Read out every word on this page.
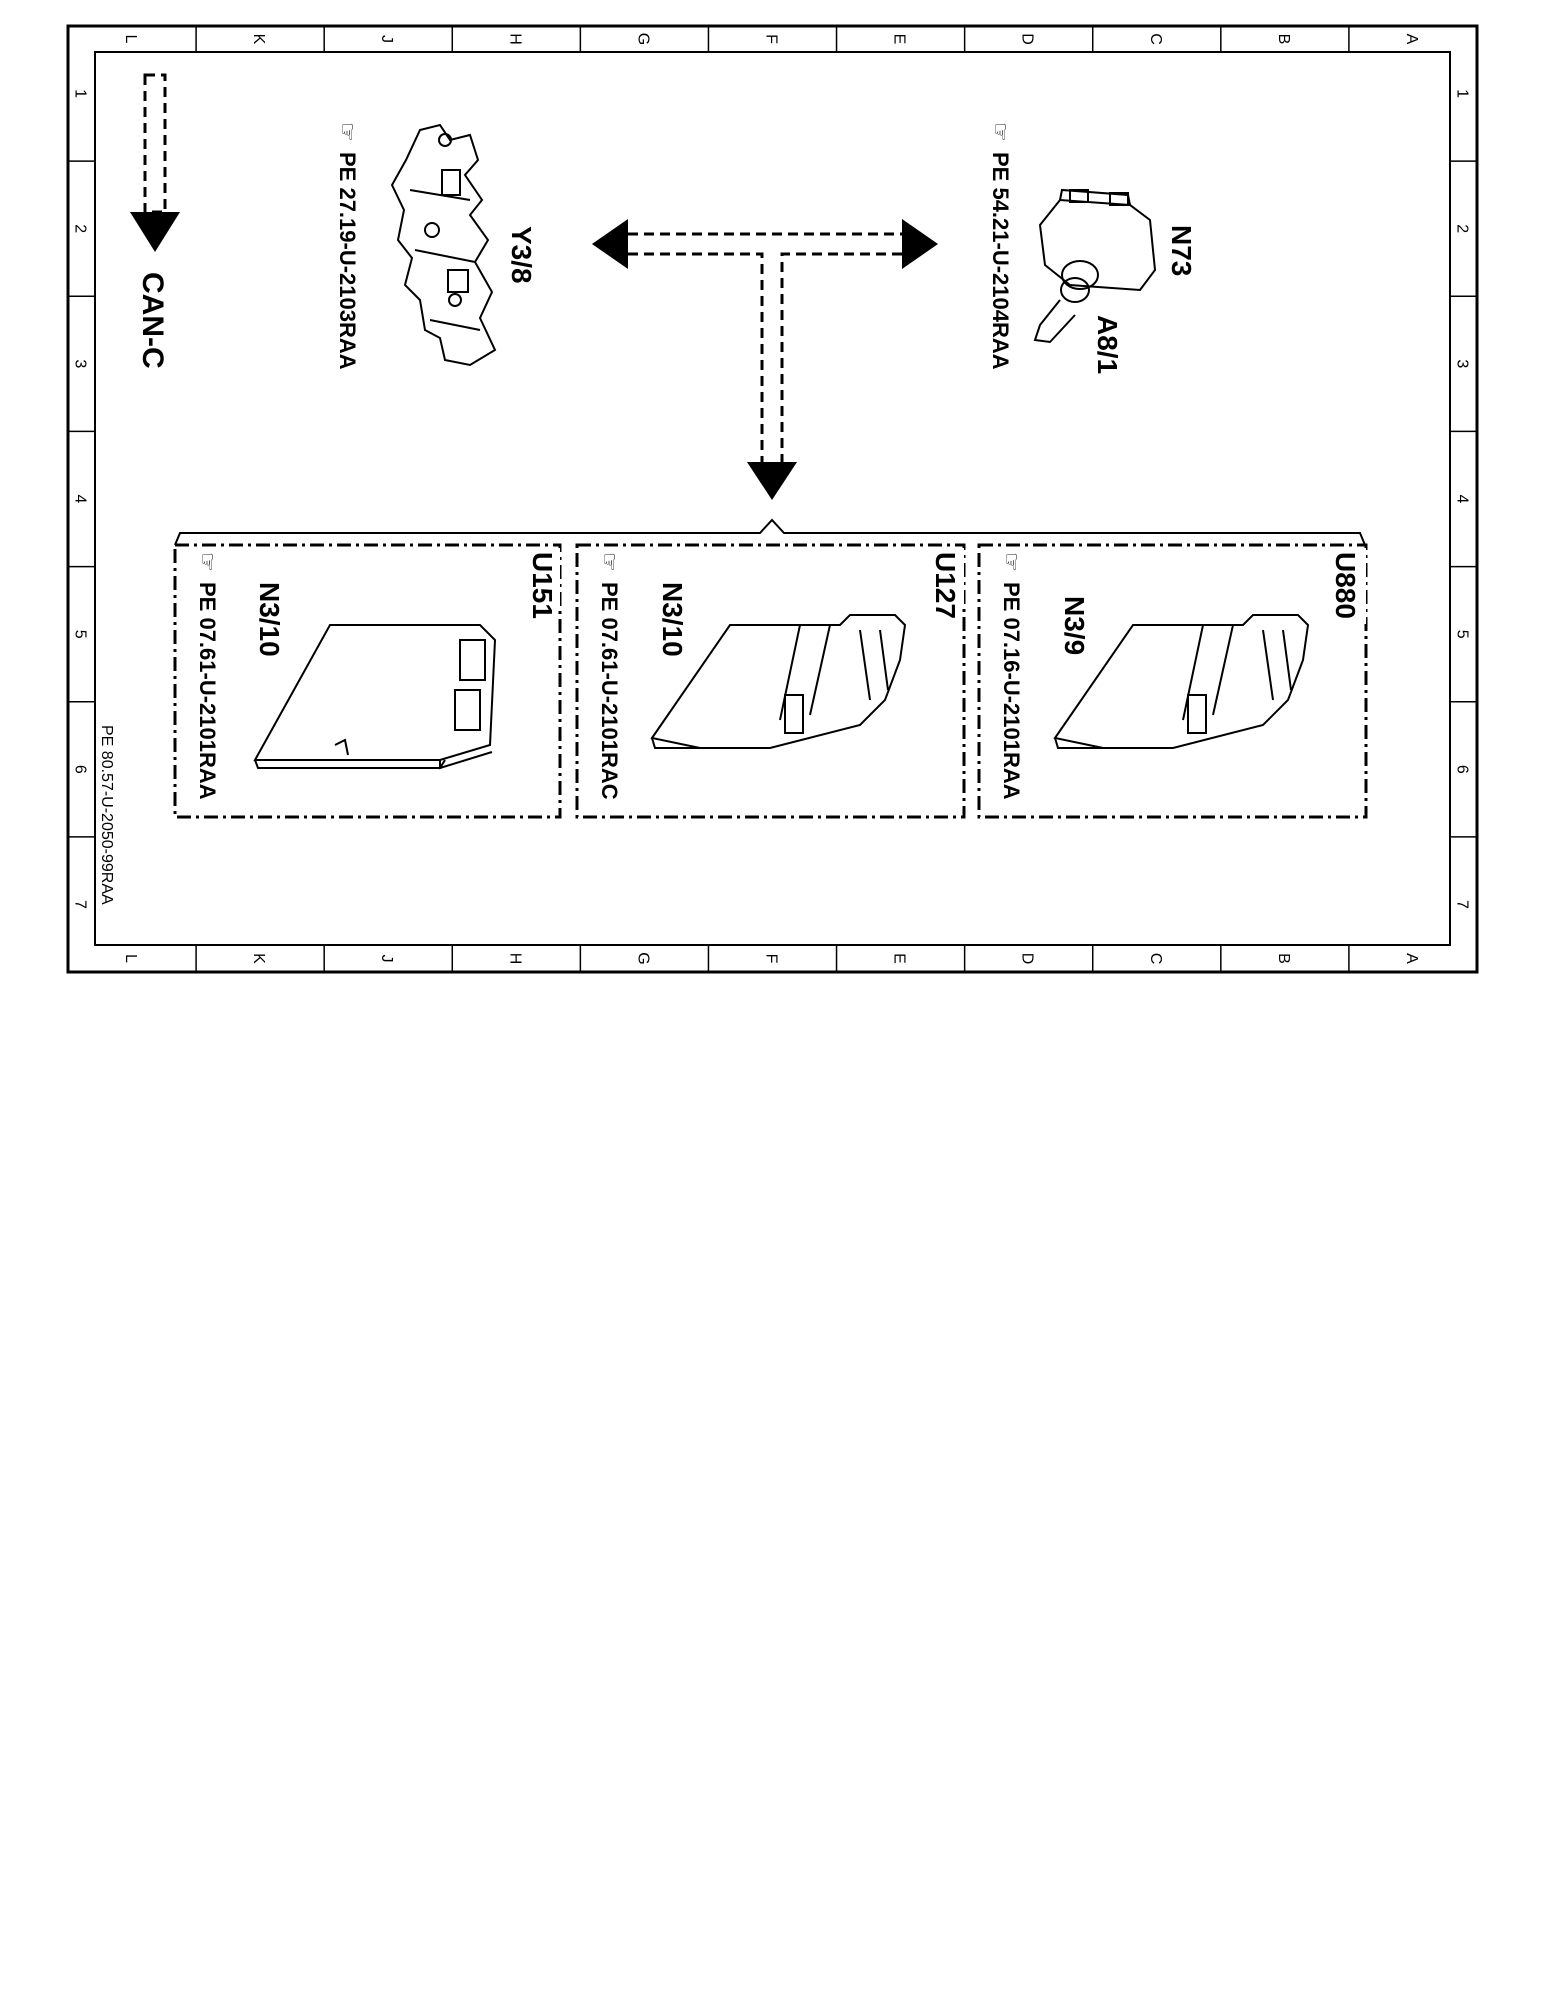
L	K	J	H	G	F	E	D	C	B	A
L	K	J	H	G	F	E	D	C	B	A
1
2
3
4
5
6
7
1
2
3
4
5
6
7
CAN-C
Y3/8
☞
PE 27.19-U-2103RAA	N73
A8/1
☞
PE 54.21-U-2104RAA
U151
N3/10
☞
PE 07.61-U-2101RAA	U127
N3/10
☞
PE 07.61-U-2101RAC	U880
N3/9
☞
PE 07.16-U-2101RAA
PE 80.57-U-2050-99RAA
